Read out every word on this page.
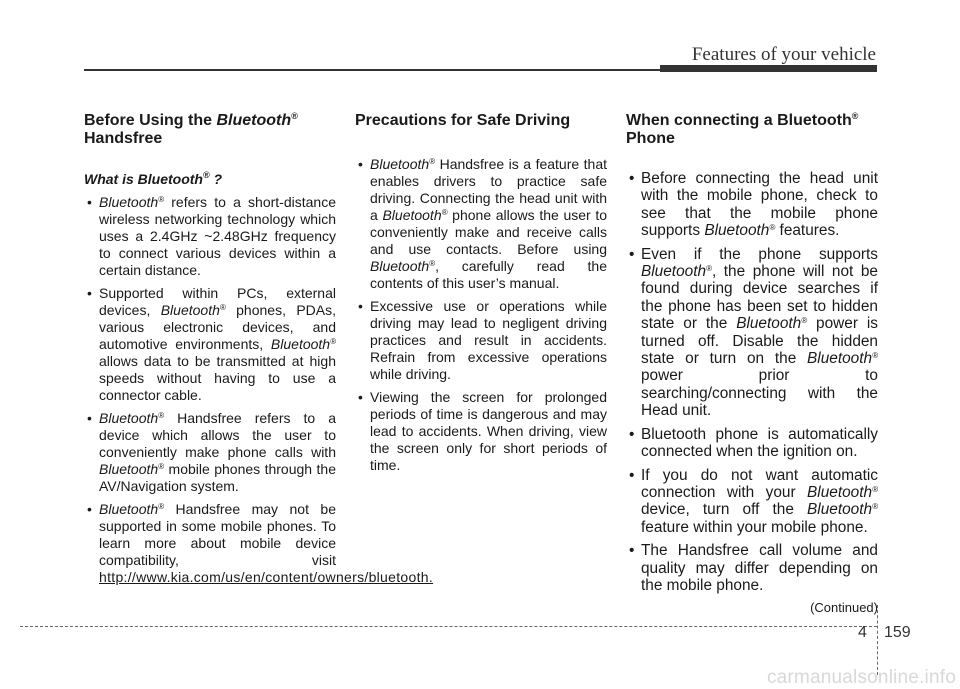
Features of your vehicle
Before Using the Bluetooth®
Handsfree
What is Bluetooth® ?
• Bluetooth® refers to a short-distance wireless networking technology which uses a 2.4GHz ~2.48GHz frequency to connect various devices within a certain distance.
• Supported within PCs, external devices, Bluetooth® phones, PDAs, various electronic devices, and automotive environments, Bluetooth® allows data to be transmitted at high speeds without having to use a connector cable.
• Bluetooth® Handsfree refers to a device which allows the user to conveniently make phone calls with Bluetooth® mobile phones through the AV/Navigation system.
• Bluetooth® Handsfree may not be supported in some mobile phones. To learn more about mobile device compatibility, visit http://www.kia.com/us/en/content/owners/bluetooth.
Precautions for Safe Driving
• Bluetooth® Handsfree is a feature that enables drivers to practice safe driving. Connecting the head unit with a Bluetooth® phone allows the user to conveniently make and receive calls and use contacts. Before using Bluetooth®, carefully read the contents of this user’s manual.
• Excessive use or operations while driving may lead to negligent driving practices and result in accidents. Refrain from excessive operations while driving.
• Viewing the screen for prolonged periods of time is dangerous and may lead to accidents. When driving, view the screen only for short periods of time.
When connecting a Bluetooth®
Phone
• Before connecting the head unit with the mobile phone, check to see that the mobile phone supports Bluetooth® features.
• Even if the phone supports Bluetooth®, the phone will not be found during device searches if the phone has been set to hidden state or the Bluetooth® power is turned off. Disable the hidden state or turn on the Bluetooth® power prior to searching/connecting with the Head unit.
• Bluetooth phone is automatically connected when the ignition on.
• If you do not want automatic connection with your Bluetooth® device, turn off the Bluetooth® feature within your mobile phone.
• The Handsfree call volume and quality may differ depending on the mobile phone.
(Continued)
4 159
carmanualsonline.info
